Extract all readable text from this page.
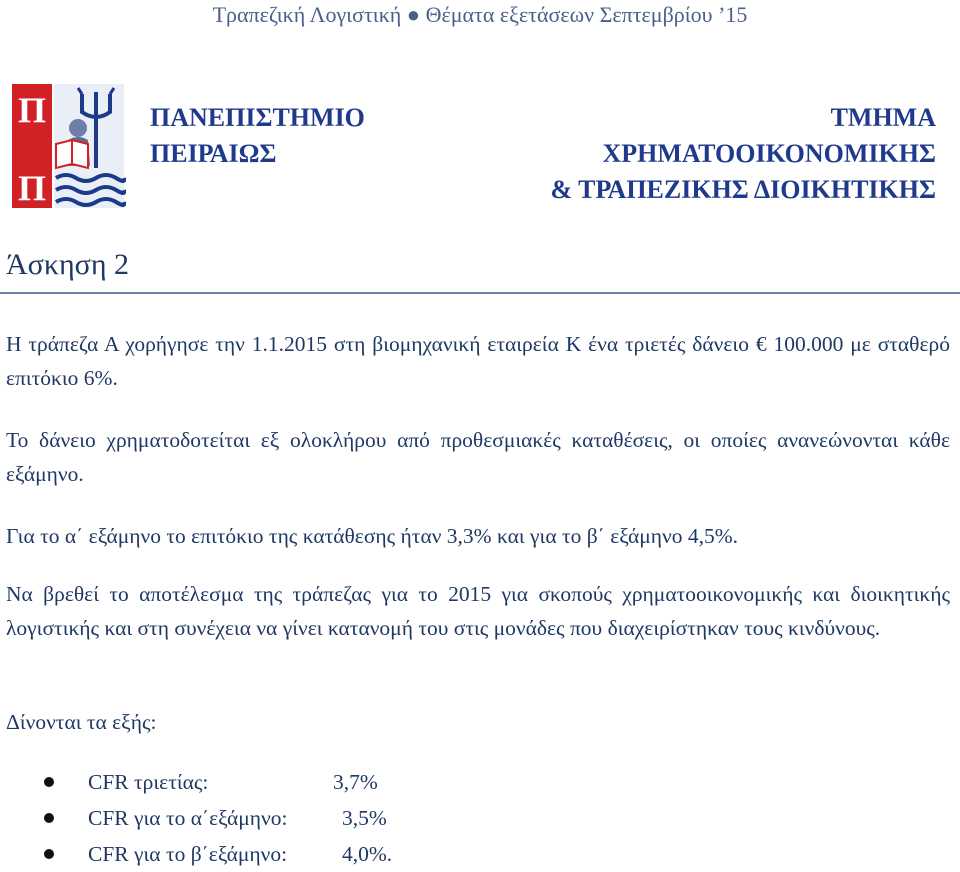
Τραπεζική Λογιστική ● Θέματα εξετάσεων Σεπτεμβρίου ’15
Π
Π
ΠΑΝΕΠΙΣΤΗΜΙΟ
ΠΕΙΡΑΙΩΣ
ΤΜΗΜΑ
ΧΡΗΜΑΤΟΟΙΚΟΝΟΜΙΚΗΣ
& ΤΡΑΠΕΖΙΚΗΣ ΔΙΟΙΚΗΤΙΚΗΣ
Άσκηση 2

Η τράπεζα Α χορήγησε την 1.1.2015 στη βιομηχανική εταιρεία Κ ένα τριετές δάνειο € 100.000 με σταθερό επιτόκιο 6%.

Το δάνειο χρηματοδοτείται εξ ολοκλήρου από προθεσμιακές καταθέσεις, οι οποίες ανανεώνονται κάθε εξάμηνο.

Για το α΄ εξάμηνο το επιτόκιο της κατάθεσης ήταν 3,3% και για το β΄ εξάμηνο 4,5%.

Να βρεθεί το αποτέλεσμα της τράπεζας για το 2015 για σκοπούς χρηματοοικονομικής και διοικητικής λογιστικής και στη συνέχεια να γίνει κατανομή του στις μονάδες που διαχειρίστηκαν τους κινδύνους.

Δίνονται τα εξής:

CFR τριετίας:	3,7%
CFR για το α΄εξάμηνο:	3,5%
CFR για το β΄εξάμηνο:	4,0%.
